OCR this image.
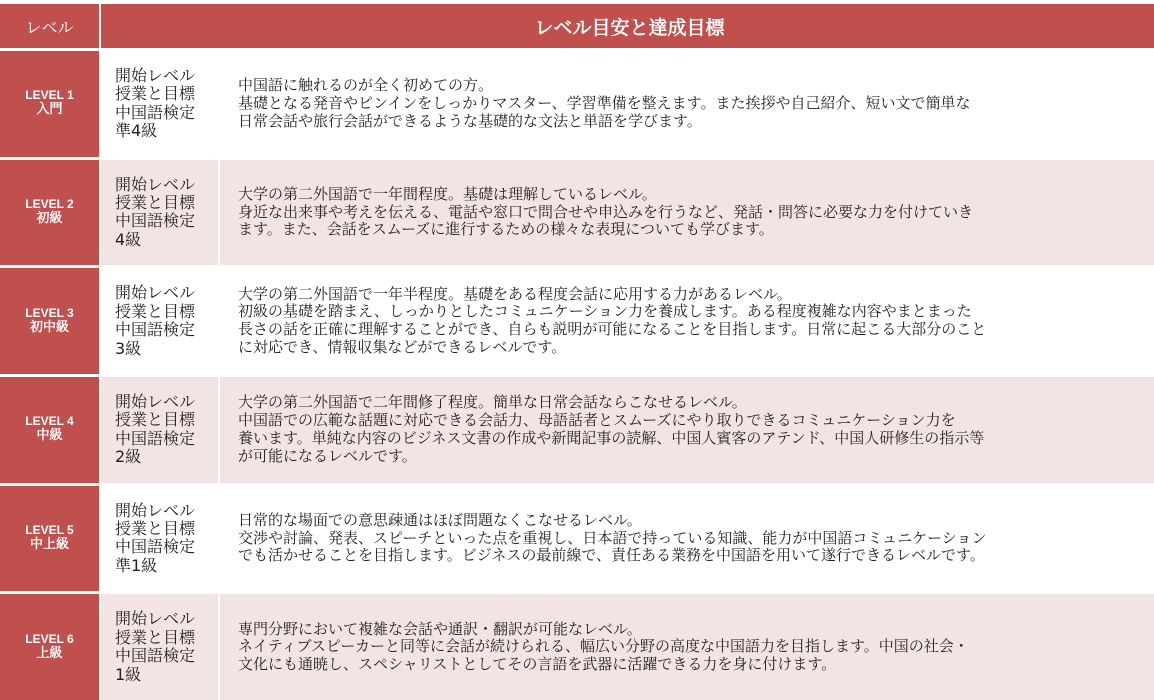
レベル	レベル目安と達成目標
LEVEL 1
入門
開始レベル
授業と目標
中国語検定
準4級
中国語に触れるのが全く初めての方。
基礎となる発音やピンインをしっかりマスター、学習準備を整えます。また挨拶や自己紹介、短い文で簡単な
日常会話や旅行会話ができるような基礎的な文法と単語を学びます。
LEVEL 2
初級
開始レベル
授業と目標
中国語検定
4級
大学の第二外国語で一年間程度。基礎は理解しているレベル。
身近な出来事や考えを伝える、電話や窓口で問合せや申込みを行うなど、発話・問答に必要な力を付けていき
ます。また、会話をスムーズに進行するための様々な表現についても学びます。
LEVEL 3
初中級
開始レベル
授業と目標
中国語検定
3級
大学の第二外国語で一年半程度。基礎をある程度会話に応用する力があるレベル。
初級の基礎を踏まえ、しっかりとしたコミュニケーション力を養成します。ある程度複雑な内容やまとまった
長さの話を正確に理解することができ、自らも説明が可能になることを目指します。日常に起こる大部分のこと
に対応でき、情報収集などができるレベルです。
LEVEL 4
中級
開始レベル
授業と目標
中国語検定
2級
大学の第二外国語で二年間修了程度。簡単な日常会話ならこなせるレベル。
中国語での広範な話題に対応できる会話力、母語話者とスムーズにやり取りできるコミュニケーション力を
養います。単純な内容のビジネス文書の作成や新聞記事の読解、中国人賓客のアテンド、中国人研修生の指示等
が可能になるレベルです。
LEVEL 5
中上級
開始レベル
授業と目標
中国語検定
準1級
日常的な場面での意思疎通はほぼ問題なくこなせるレベル。
交渉や討論、発表、スピーチといった点を重視し、日本語で持っている知識、能力が中国語コミュニケーション
でも活かせることを目指します。ビジネスの最前線で、責任ある業務を中国語を用いて遂行できるレベルです。
LEVEL 6
上級
開始レベル
授業と目標
中国語検定
1級
専門分野において複雑な会話や通訳・翻訳が可能なレベル。
ネイティブスピーカーと同等に会話が続けられる、幅広い分野の高度な中国語力を目指します。中国の社会・
文化にも通暁し、スペシャリストとしてその言語を武器に活躍できる力を身に付けます。
